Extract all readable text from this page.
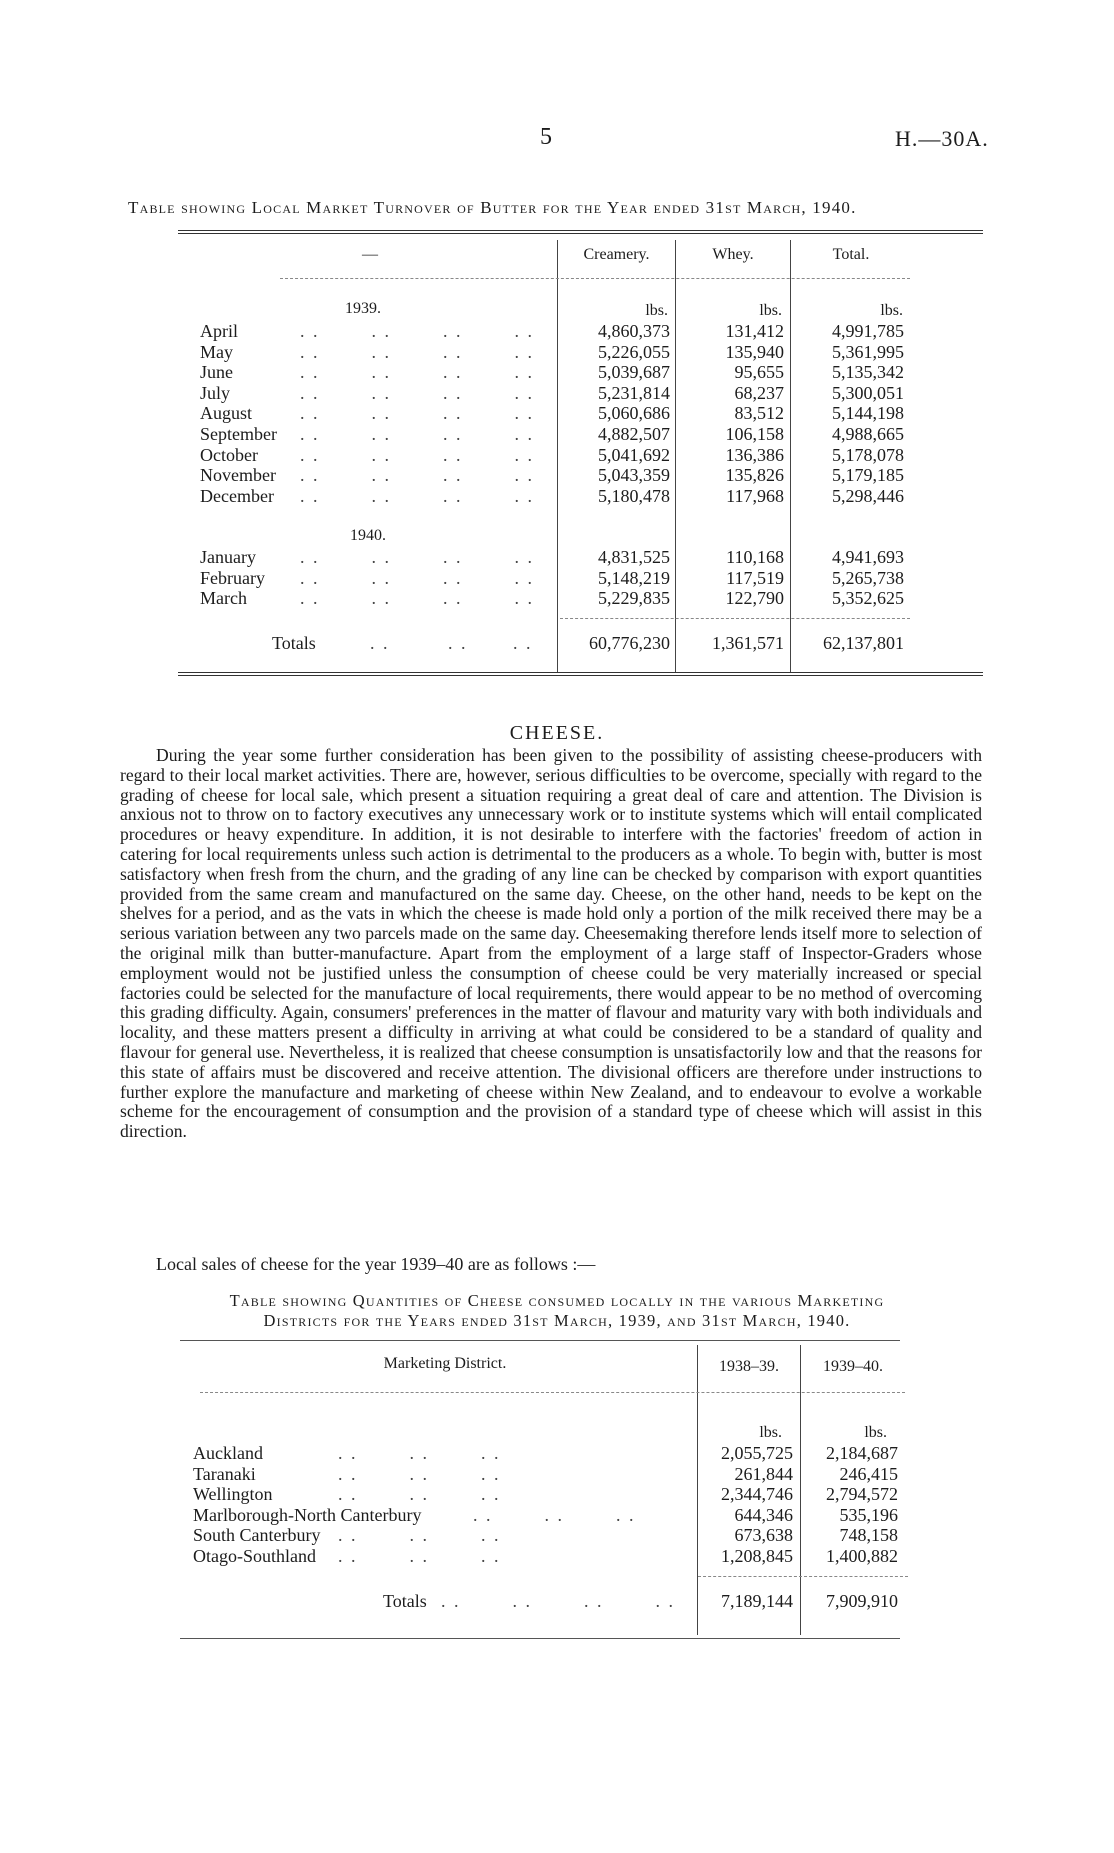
5	H.—30A.
Table showing Local Market Turnover of Butter for the Year ended 31st March, 1940.
—	Creamery.	Whey.	Total.
1939.	lbs.	lbs.	lbs.
April	. .        . .        . .        . .	4,860,373	131,412	4,991,785
May	. .        . .        . .        . .	5,226,055	135,940	5,361,995
June	. .        . .        . .        . .	5,039,687	95,655	5,135,342
July	. .        . .        . .        . .	5,231,814	68,237	5,300,051
August	. .        . .        . .        . .	5,060,686	83,512	5,144,198
September . .        . .        . .        . .	4,882,507	106,158	4,988,665
October . .        . .        . .        . .	5,041,692	136,386	5,178,078
November . .        . .        . .        . .	5,043,359	135,826	5,179,185
December . .        . .        . .        . .	5,180,478	117,968	5,298,446
1940.
January . .        . .        . .        . .	4,831,525	110,168	4,941,693
February . .        . .        . .        . .	5,148,219	117,519	5,265,738
March	. .        . .        . .        . .	5,229,835	122,790	5,352,625
Totals	. .         . .       . .	60,776,230	1,361,571	62,137,801
CHEESE.
During the year some further consideration has been given to the possibility of assisting cheese-producers with regard to their local market activities. There are, however, serious difficulties to be overcome, specially with regard to the grading of cheese for local sale, which present a situation requiring a great deal of care and attention. The Division is anxious not to throw on to factory executives any unnecessary work or to institute systems which will entail complicated procedures or heavy expenditure. In addition, it is not desirable to interfere with the factories' freedom of action in catering for local requirements unless such action is detrimental to the producers as a whole. To begin with, butter is most satisfactory when fresh from the churn, and the grading of any line can be checked by comparison with export quantities provided from the same cream and manufactured on the same day. Cheese, on the other hand, needs to be kept on the shelves for a period, and as the vats in which the cheese is made hold only a portion of the milk received there may be a serious variation between any two parcels made on the same day. Cheesemaking therefore lends itself more to selection of the original milk than butter-manufacture. Apart from the employment of a large staff of Inspector-Graders whose employment would not be justified unless the consumption of cheese could be very materially increased or special factories could be selected for the manufacture of local requirements, there would appear to be no method of overcoming this grading difficulty. Again, consumers' preferences in the matter of flavour and maturity vary with both individuals and locality, and these matters present a difficulty in arriving at what could be considered to be a standard of quality and flavour for general use. Nevertheless, it is realized that cheese consumption is unsatisfactorily low and that the reasons for this state of affairs must be discovered and receive attention. The divisional officers are therefore under instructions to further explore the manufacture and marketing of cheese within New Zealand, and to endeavour to evolve a workable scheme for the encouragement of consumption and the provision of a standard type of cheese which will assist in this direction.
Local sales of cheese for the year 1939–40 are as follows :—
Table showing Quantities of Cheese consumed locally in the various Marketing
Districts for the Years ended 31st March, 1939, and 31st March, 1940.
Marketing District.	1938–39.	1939–40.
lbs.	lbs.
Auckland	. .        . .        . .	2,055,725	2,184,687
Taranaki	. .        . .        . .	261,844	246,415
Wellington	. .        . .        . .	2,344,746	2,794,572
Marlborough-North Canterbury	. .        . .        . .	644,346	535,196
South Canterbury . .        . .        . .	673,638	748,158
Otago-Southland . .        . .        . .	1,208,845	1,400,882
Totals . .        . .        . .        . .	7,189,144	7,909,910
